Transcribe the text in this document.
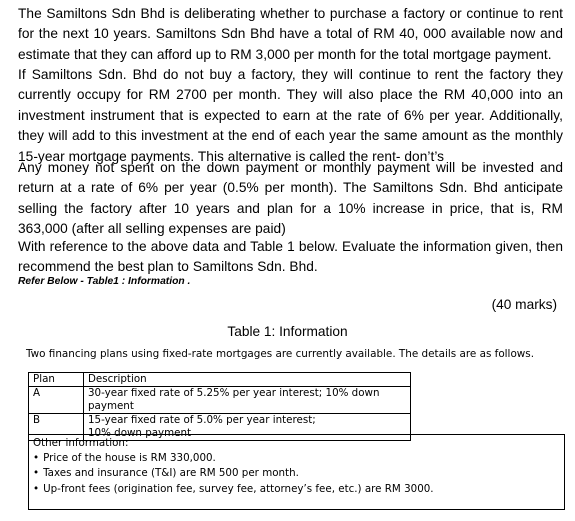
The Samiltons Sdn Bhd is deliberating whether to purchase a factory or continue to rent for the next 10 years. Samiltons Sdn Bhd have a total of RM 40, 000 available now and estimate that they can afford up to RM 3,000 per month for the total mortgage payment.
If Samiltons Sdn. Bhd do not buy a factory, they will continue to rent the factory they currently occupy for RM 2700 per month. They will also place the RM 40,000 into an investment instrument that is expected to earn at the rate of 6% per year. Additionally, they will add to this investment at the end of each year the same amount as the monthly 15-year mortgage payments. This alternative is called the rent- don’t’s
Any money not spent on the down payment or monthly payment will be invested and return at a rate of 6% per year (0.5% per month). The Samiltons Sdn. Bhd anticipate selling the factory after 10 years and plan for a 10% increase in price, that is, RM 363,000 (after all selling expenses are paid)
With reference to the above data and Table 1 below. Evaluate the information given, then recommend the best plan to Samiltons Sdn. Bhd.
Refer Below - Table1 : Information .
(40 marks)
Table 1: Information
Two financing plans using fixed-rate mortgages are currently available. The details are as follows.
Plan	Description
A	30-year fixed rate of 5.25% per year interest; 10% down payment

B	15-year fixed rate of 5.0% per year interest;
10% down payment
Other information:
• Price of the house is RM 330,000.
• Taxes and insurance (T&I) are RM 500 per month.
• Up-front fees (origination fee, survey fee, attorney’s fee, etc.) are RM 3000.
